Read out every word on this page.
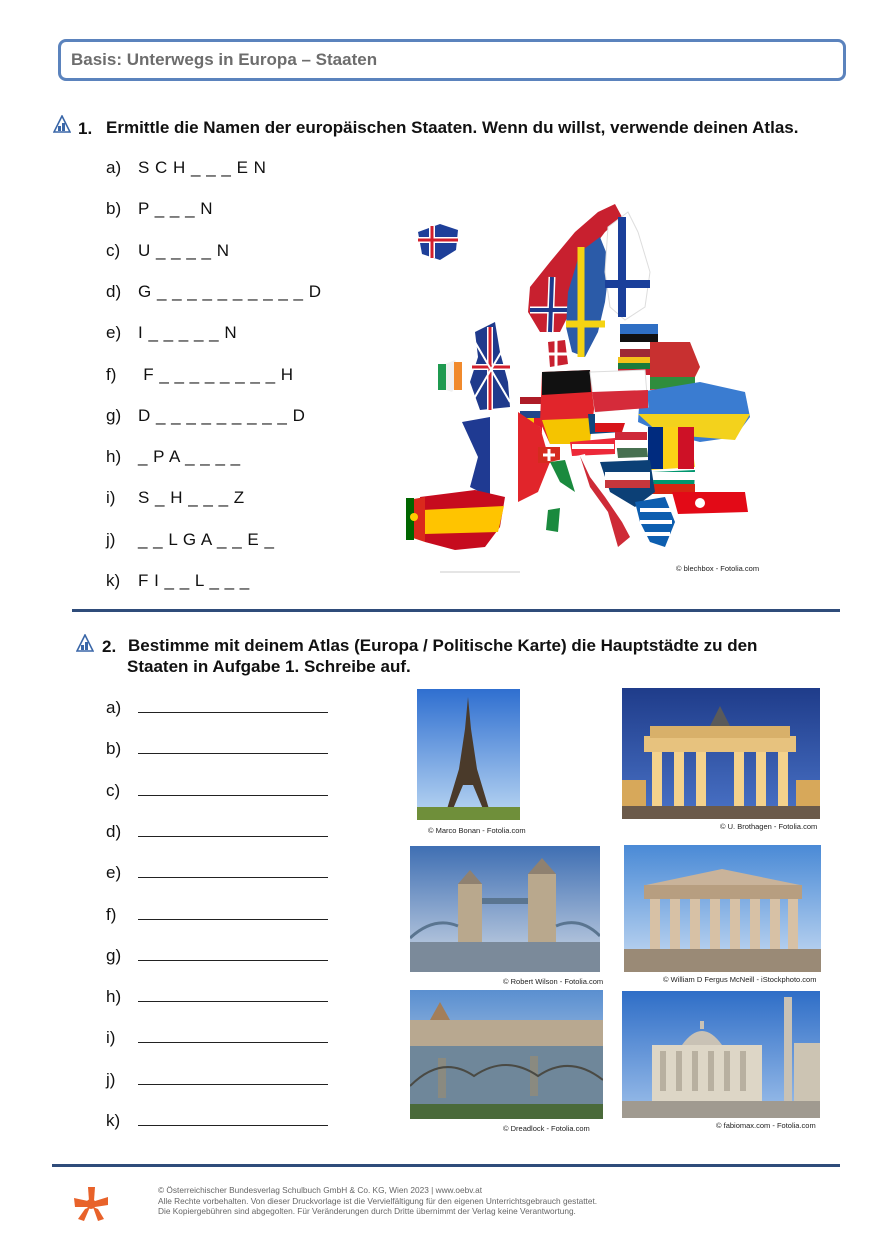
Basis: Unterwegs in Europa – Staaten
1. Ermittle die Namen der europäischen Staaten. Wenn du willst, verwende deinen Atlas.
a) S C H _ _ _ E N
b) P _ _ _ N
c) U _ _ _ _ N
d) G _ _ _ _ _ _ _ _ _ _ D
e) I _ _ _ _ _ N
f) F _ _ _ _ _ _ _ _ H
g) D _ _ _ _ _ _ _ _ _ D
h) _ P A _ _ _ _
i) S _ H _ _ _ Z
j) _ _ L G A _ _ E _
k) F I _ _ L _ _ _
© blechbox - Fotolia.com
2. Bestimme mit deinem Atlas (Europa / Politische Karte) die Hauptstädte zu den
Staaten in Aufgabe 1. Schreibe auf.
a)
b)
c)
d)
e)
f)
g)
h)
i)
j)
k)
© Marco Bonan - Fotolia.com	© U. Brothagen - Fotolia.com
© Robert Wilson - Fotolia.com	© William D Fergus McNeill - iStockphoto.com
© Dreadlock - Fotolia.com	© fabiomax.com - Fotolia.com
© Österreichischer Bundesverlag Schulbuch GmbH & Co. KG, Wien 2023 | www.oebv.at
Alle Rechte vorbehalten. Von dieser Druckvorlage ist die Vervielfältigung für den eigenen Unterrichtsgebrauch gestattet.
Die Kopiergebühren sind abgegolten. Für Veränderungen durch Dritte übernimmt der Verlag keine Verantwortung.
